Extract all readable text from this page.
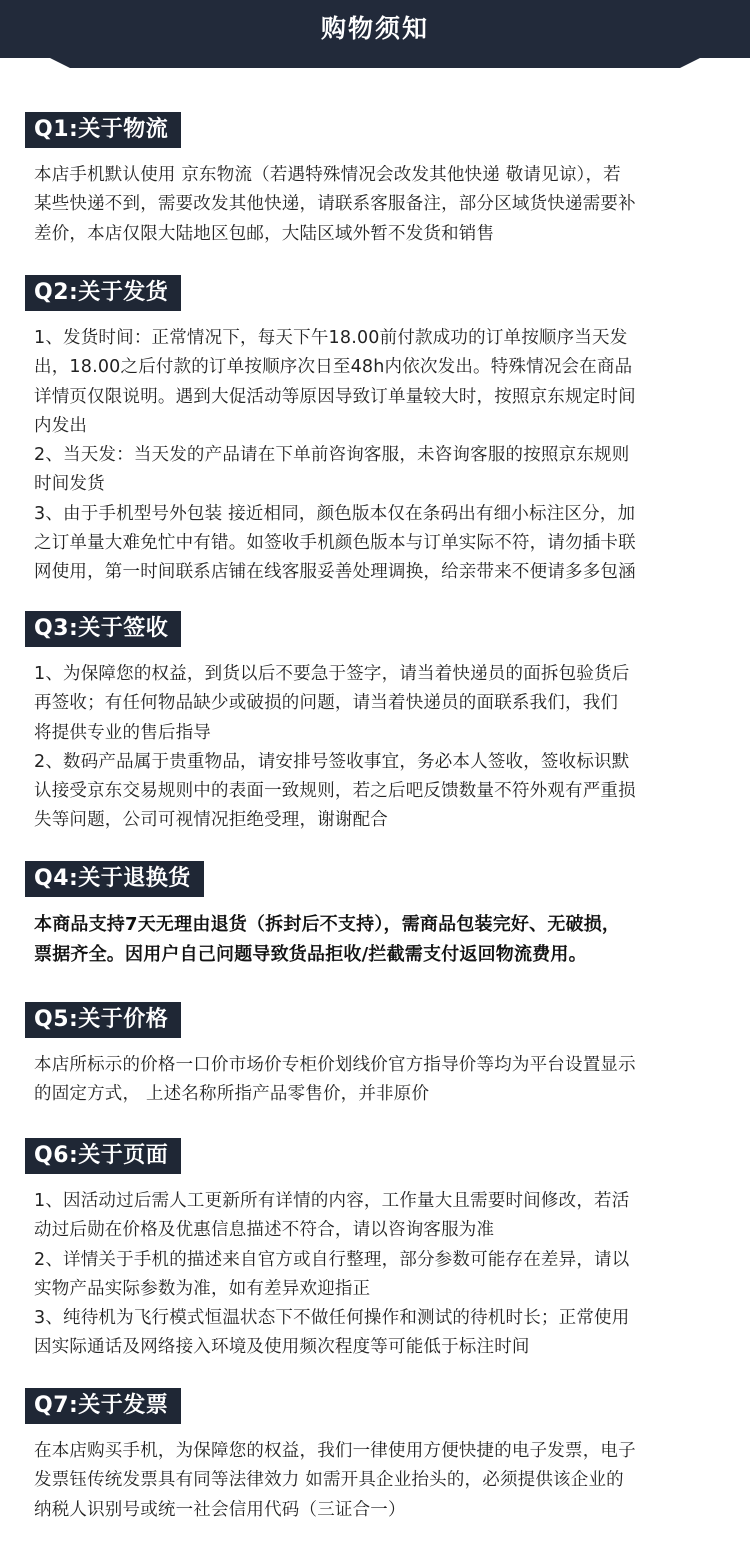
购物须知
Q1:关于物流

本店手机默认使用 京东物流（若遇特殊情况会改发其他快递 敬请见谅），若

某些快递不到，需要改发其他快递，请联系客服备注，部分区域货快递需要补

差价，本店仅限大陆地区包邮，大陆区域外暂不发货和销售

Q2:关于发货

1、发货时间：正常情况下，每天下午18.00前付款成功的订单按顺序当天发

出，18.00之后付款的订单按顺序次日至48h内依次发出。特殊情况会在商品

详情页仅限说明。遇到大促活动等原因导致订单量较大时，按照京东规定时间

内发出

2、当天发：当天发的产品请在下单前咨询客服，未咨询客服的按照京东规则

时间发货

3、由于手机型号外包装 接近相同，颜色版本仅在条码出有细小标注区分，加

之订单量大难免忙中有错。如签收手机颜色版本与订单实际不符，请勿插卡联

网使用，第一时间联系店铺在线客服妥善处理调换，给亲带来不便请多多包涵

Q3:关于签收

1、为保障您的权益，到货以后不要急于签字，请当着快递员的面拆包验货后

再签收；有任何物品缺少或破损的问题，请当着快递员的面联系我们，我们

将提供专业的售后指导

2、数码产品属于贵重物品，请安排号签收事宜，务必本人签收，签收标识默

认接受京东交易规则中的表面一致规则，若之后吧反馈数量不符外观有严重损

失等问题，公司可视情况拒绝受理，谢谢配合

Q4:关于退换货

本商品支持7天无理由退货（拆封后不支持），需商品包装完好、无破损，

票据齐全。因用户自己问题导致货品拒收/拦截需支付返回物流费用。

Q5:关于价格

本店所标示的价格一口价市场价专柜价划线价官方指导价等均为平台设置显示

的固定方式， 上述名称所指产品零售价，并非原价

Q6:关于页面

1、因活动过后需人工更新所有详情的内容，工作量大且需要时间修改，若活

动过后勋在价格及优惠信息描述不符合，请以咨询客服为准

2、详情关于手机的描述来自官方或自行整理，部分参数可能存在差异，请以

实物产品实际参数为准，如有差异欢迎指正

3、纯待机为飞行模式恒温状态下不做任何操作和测试的待机时长；正常使用

因实际通话及网络接入环境及使用频次程度等可能低于标注时间

Q7:关于发票

在本店购买手机，为保障您的权益，我们一律使用方便快捷的电子发票，电子

发票钰传统发票具有同等法律效力 如需开具企业抬头的，必须提供该企业的

纳税人识别号或统一社会信用代码（三证合一）
